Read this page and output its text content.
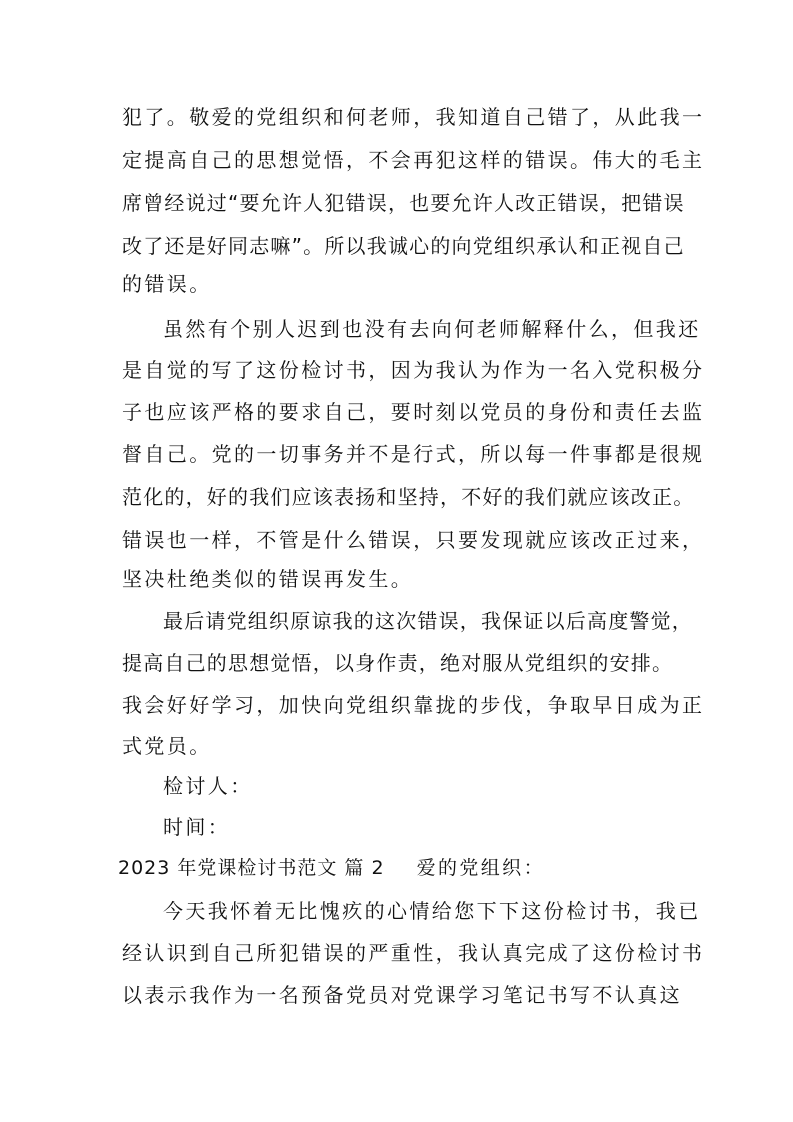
犯了。敬爱的党组织和何老师，我知道自己错了，从此我一
定提高自己的思想觉悟，不会再犯这样的错误。伟大的毛主
席曾经说过“要允许人犯错误，也要允许人改正错误，把错误
改了还是好同志嘛”。所以我诚心的向党组织承认和正视自己
的错误。
虽然有个别人迟到也没有去向何老师解释什么，但我还
是自觉的写了这份检讨书，因为我认为作为一名入党积极分
子也应该严格的要求自己，要时刻以党员的身份和责任去监
督自己。党的一切事务并不是行式，所以每一件事都是很规
范化的，好的我们应该表扬和坚持，不好的我们就应该改正。
错误也一样，不管是什么错误，只要发现就应该改正过来，
坚决杜绝类似的错误再发生。
最后请党组织原谅我的这次错误，我保证以后高度警觉，
提高自己的思想觉悟，以身作责，绝对服从党组织的安排。
我会好好学习，加快向党组织靠拢的步伐，争取早日成为正
式党员。
检讨人：
时间：
2023 年党课检讨书范文 篇 2 爱的党组织：
今天我怀着无比愧疚的心情给您下下这份检讨书，我已
经认识到自己所犯错误的严重性，我认真完成了这份检讨书
以表示我作为一名预备党员对党课学习笔记书写不认真这
